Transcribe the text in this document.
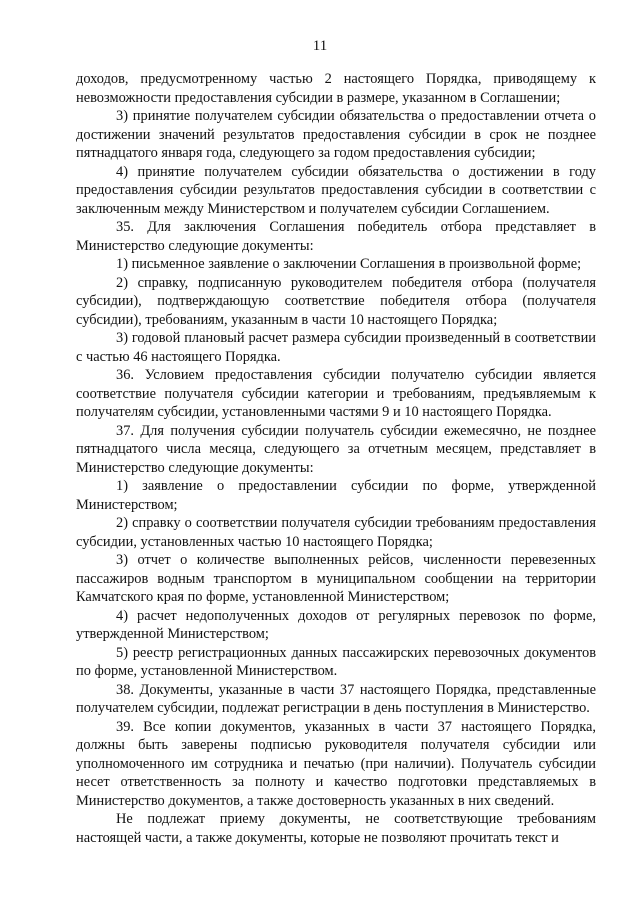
11

доходов, предусмотренному частью 2 настоящего Порядка, приводящему к невозможности предоставления субсидии в размере, указанном в Соглашении;

3) принятие получателем субсидии обязательства о предоставлении отчета о достижении значений результатов предоставления субсидии в срок не позднее пятнадцатого января года, следующего за годом предоставления субсидии;

4) принятие получателем субсидии обязательства о достижении в году предоставления субсидии результатов предоставления субсидии в соответствии с заключенным между Министерством и получателем субсидии Соглашением.

35. Для заключения Соглашения победитель отбора представляет в Министерство следующие документы:

1) письменное заявление о заключении Соглашения в произвольной форме;

2) справку, подписанную руководителем победителя отбора (получателя субсидии), подтверждающую соответствие победителя отбора (получателя субсидии), требованиям, указанным в части 10 настоящего Порядка;

3) годовой плановый расчет размера субсидии произведенный в соответствии с частью 46 настоящего Порядка.

36. Условием предоставления субсидии получателю субсидии является соответствие получателя субсидии категории и требованиям, предъявляемым к получателям субсидии, установленными частями 9 и 10 настоящего Порядка.

37. Для получения субсидии получатель субсидии ежемесячно, не позднее пятнадцатого числа месяца, следующего за отчетным месяцем, представляет в Министерство следующие документы:

1) заявление о предоставлении субсидии по форме, утвержденной Министерством;

2) справку о соответствии получателя субсидии требованиям предоставления субсидии, установленных частью 10 настоящего Порядка;

3) отчет о количестве выполненных рейсов, численности перевезенных пассажиров водным транспортом в муниципальном сообщении на территории Камчатского края по форме, установленной Министерством;

4) расчет недополученных доходов от регулярных перевозок по форме, утвержденной Министерством;

5) реестр регистрационных данных пассажирских перевозочных документов по форме, установленной Министерством.

38. Документы, указанные в части 37 настоящего Порядка, представленные получателем субсидии, подлежат регистрации в день поступления в Министерство.

39. Все копии документов, указанных в части 37 настоящего Порядка, должны быть заверены подписью руководителя получателя субсидии или уполномоченного им сотрудника и печатью (при наличии). Получатель субсидии несет ответственность за полноту и качество подготовки представляемых в Министерство документов, а также достоверность указанных в них сведений.

Не подлежат приему документы, не соответствующие требованиям настоящей части, а также документы, которые не позволяют прочитать текст и
